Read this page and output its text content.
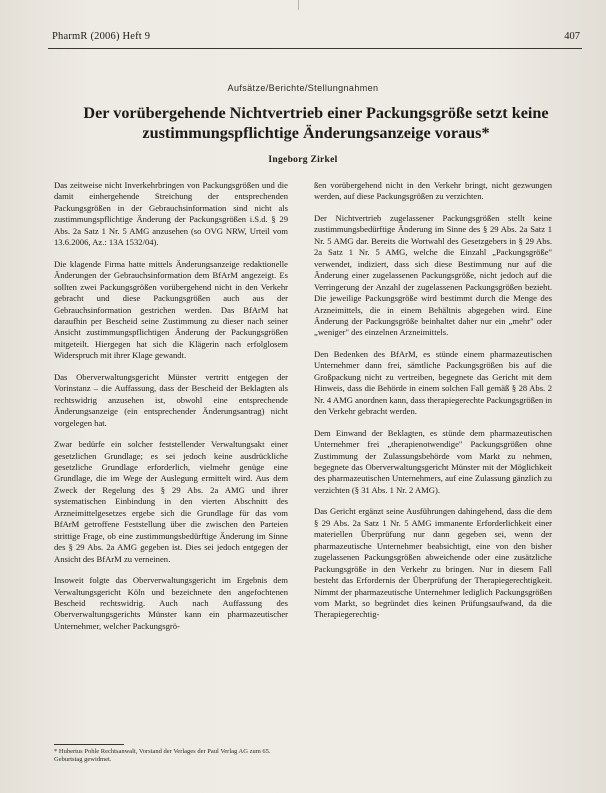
PharmR (2006) Heft 9	407
Aufsätze/Berichte/Stellungnahmen
Der vorübergehende Nichtvertrieb einer Packungsgröße setzt keine
zustimmungspflichtige Änderungsanzeige voraus*
Ingeborg Zirkel

Das zeitweise nicht Inverkehrbringen von Packungsgrößen und die damit einhergehende Streichung der entsprechenden Packungsgrößen in der Gebrauchsinformation sind nicht als zustimmungspflichtige Änderung der Packungsgrößen i.S.d. § 29 Abs. 2a Satz 1 Nr. 5 AMG anzusehen (so OVG NRW, Urteil vom 13.6.2006, Az.: 13A 1532/04).

Die klagende Firma hatte mittels Änderungsanzeige redaktionelle Änderungen der Gebrauchsinformation dem BfArM angezeigt. Es sollten zwei Packungsgrößen vorübergehend nicht in den Verkehr gebracht und diese Packungsgrößen auch aus der Gebrauchsinformation gestrichen werden. Das BfArM hat daraufhin per Bescheid seine Zustimmung zu dieser nach seiner Ansicht zustimmungspflichtigen Änderung der Packungsgrößen mitgeteilt. Hiergegen hat sich die Klägerin nach erfolglosem Widerspruch mit ihrer Klage gewandt.

Das Oberverwaltungsgericht Münster vertritt entgegen der Vorinstanz – die Auffassung, dass der Bescheid der Beklagten als rechtswidrig anzusehen ist, obwohl eine entsprechende Änderungsanzeige (ein entsprechender Änderungsantrag) nicht vorgelegen hat.

Zwar bedürfe ein solcher feststellender Verwaltungsakt einer gesetzlichen Grundlage; es sei jedoch keine ausdrückliche gesetzliche Grundlage erforderlich, vielmehr genüge eine Grundlage, die im Wege der Auslegung ermittelt wird. Aus dem Zweck der Regelung des § 29 Abs. 2a AMG und ihrer systematischen Einbindung in den vierten Abschnitt des Arzneimittelgesetzes ergebe sich die Grundlage für das vom BfArM getroffene Feststellung über die zwischen den Parteien strittige Frage, ob eine zustimmungsbedürftige Änderung im Sinne des § 29 Abs. 2a AMG gegeben ist. Dies sei jedoch entgegen der Ansicht des BfArM zu verneinen.

Insoweit folgte das Oberverwaltungsgericht im Ergebnis dem Verwaltungsgericht Köln und bezeichnete den angefochtenen Bescheid rechtswidrig. Auch nach Auffassung des Oberverwaltungsgerichts Münster kann ein pharmazeutischer Unternehmer, welcher Packungsgrö-

ßen vorübergehend nicht in den Verkehr bringt, nicht gezwungen werden, auf diese Packungsgrößen zu verzichten.

Der Nichtvertrieb zugelassener Packungsgrößen stellt keine zustimmungsbedürftige Änderung im Sinne des § 29 Abs. 2a Satz 1 Nr. 5 AMG dar. Bereits die Wortwahl des Gesetzgebers in § 29 Abs. 2a Satz 1 Nr. 5 AMG, welche die Einzahl „Packungsgröße" verwendet, indiziert, dass sich diese Bestimmung nur auf die Änderung einer zugelassenen Packungsgröße, nicht jedoch auf die Verringerung der Anzahl der zugelassenen Packungsgrößen bezieht. Die jeweilige Packungsgröße wird bestimmt durch die Menge des Arzneimittels, die in einem Behältnis abgegeben wird. Eine Änderung der Packungsgröße beinhaltet daher nur ein „mehr" oder „weniger" des einzelnen Arzneimittels.

Den Bedenken des BfArM, es stünde einem pharmazeutischen Unternehmer dann frei, sämtliche Packungsgrößen bis auf die Großpackung nicht zu vertreiben, begegnete das Gericht mit dem Hinweis, dass die Behörde in einem solchen Fall gemäß § 28 Abs. 2 Nr. 4 AMG anordnen kann, dass therapiegerechte Packungsgrößen in den Verkehr gebracht werden.

Dem Einwand der Beklagten, es stünde dem pharmazeutischen Unternehmer frei „therapienotwendige" Packungsgrößen ohne Zustimmung der Zulassungsbehörde vom Markt zu nehmen, begegnete das Oberverwaltungsgericht Münster mit der Möglichkeit des pharmazeutischen Unternehmers, auf eine Zulassung gänzlich zu verzichten (§ 31 Abs. 1 Nr. 2 AMG).

Das Gericht ergänzt seine Ausführungen dahingehend, dass die dem § 29 Abs. 2a Satz 1 Nr. 5 AMG immanente Erforderlichkeit einer materiellen Überprüfung nur dann gegeben sei, wenn der pharmazeutische Unternehmer beabsichtigt, eine von den bisher zugelassenen Packungsgrößen abweichende oder eine zusätzliche Packungsgröße in den Verkehr zu bringen. Nur in diesem Fall besteht das Erfordernis der Überprüfung der Therapiegerechtigkeit. Nimmt der pharmazeutische Unternehmer lediglich Packungsgrößen vom Markt, so begründet dies keinen Prüfungsaufwand, da die Therapiegerechtig-

* Hubertus Pohle Rechtsanwalt, Vorstand der Verlages der Paul Verlag AG zum 65. Geburtstag gewidmet.
